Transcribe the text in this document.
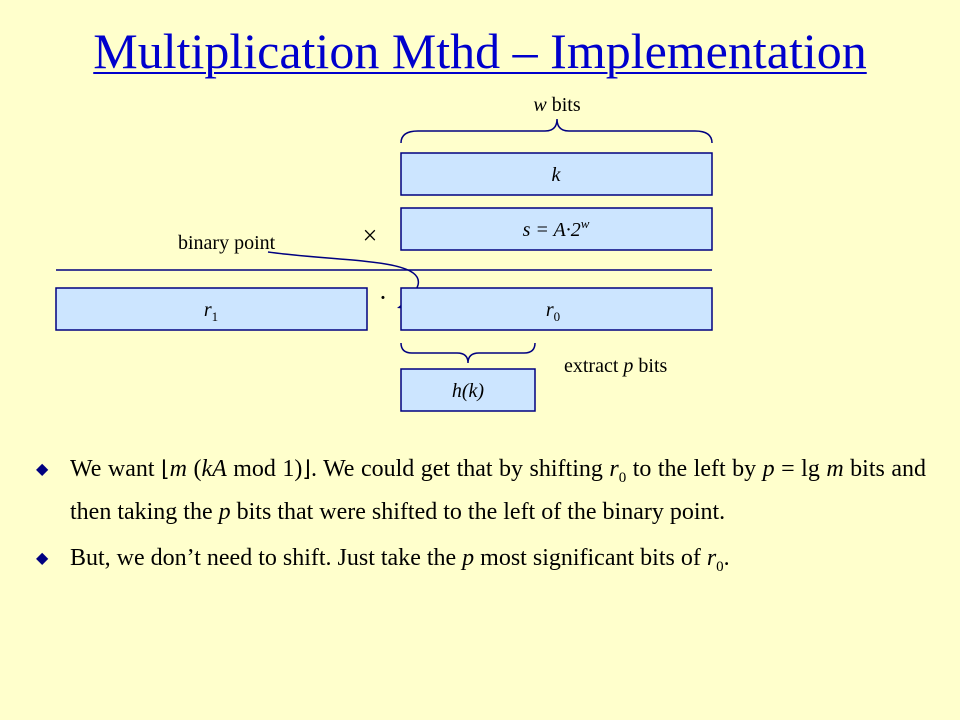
Multiplication Mthd – Implementation
w bits
k
$s = A\cdot 2^w$
×
binary point
$r_1$
·	$r_0$
extract p bits
h(k)
◆ We want ⌊m (kA mod 1)⌋. We could get that by shifting $r_0$ to the left by p = lg m bits and then taking the p bits that were shifted to the left of the binary point.
◆ But, we don’t need to shift. Just take the p most significant bits of $r_0$.
